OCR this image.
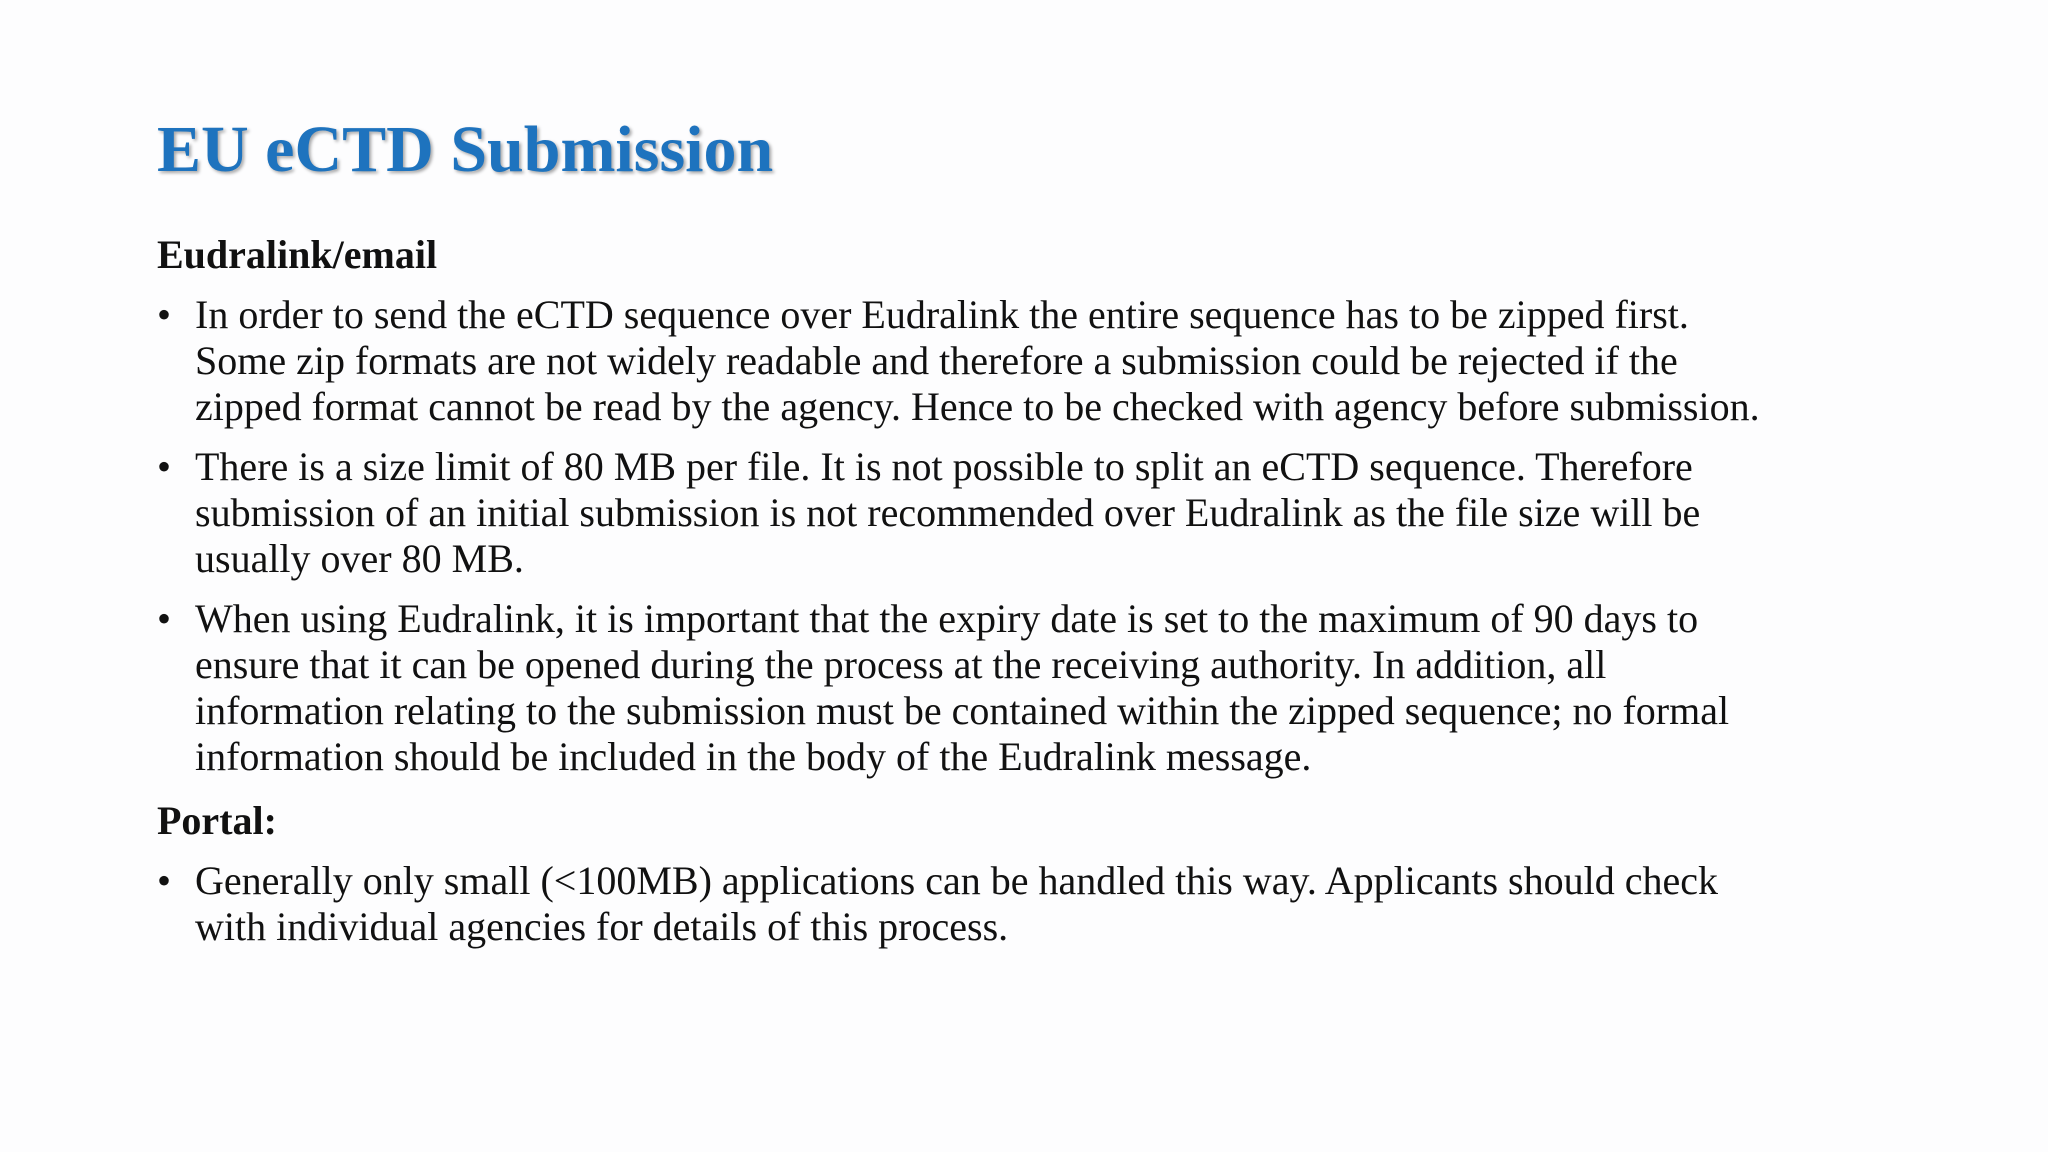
EU eCTD Submission
Eudralink/email
• In order to send the eCTD sequence over Eudralink the entire sequence has to be zipped first.
Some zip formats are not widely readable and therefore a submission could be rejected if the
zipped format cannot be read by the agency. Hence to be checked with agency before submission.
• There is a size limit of 80 MB per file. It is not possible to split an eCTD sequence. Therefore
submission of an initial submission is not recommended over Eudralink as the file size will be
usually over 80 MB.
• When using Eudralink, it is important that the expiry date is set to the maximum of 90 days to
ensure that it can be opened during the process at the receiving authority. In addition, all
information relating to the submission must be contained within the zipped sequence; no formal
information should be included in the body of the Eudralink message.
Portal:
• Generally only small (<100MB) applications can be handled this way. Applicants should check
with individual agencies for details of this process.
